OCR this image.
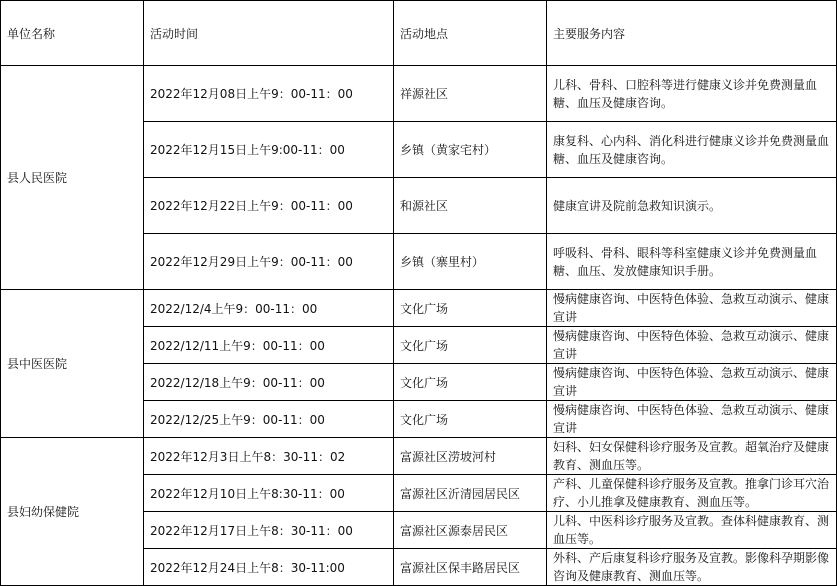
单位名称	活动时间	活动地点	主要服务内容
县人民医院	2022年12月08日上午9：00-11：00	祥源社区	儿科、骨科、口腔科等进行健康义诊并免费测量血糖、血压及健康咨询。
	2022年12月15日上午9:00-11：00	乡镇（黄家宅村）	康复科、心内科、消化科进行健康义诊并免费测量血糖、血压及健康咨询。
	2022年12月22日上午9：00-11：00	和源社区	健康宣讲及院前急救知识演示。
	2022年12月29日上午9：00-11：00	乡镇（寨里村）	呼吸科、骨科、眼科等科室健康义诊并免费测量血糖、血压、发放健康知识手册。
县中医医院	2022/12/4上午9：00-11：00	文化广场	慢病健康咨询、中医特色体验、急救互动演示、健康宣讲
	2022/12/11上午9：00-11：00	文化广场	慢病健康咨询、中医特色体验、急救互动演示、健康宣讲
	2022/12/18上午9：00-11：00	文化广场	慢病健康咨询、中医特色体验、急救互动演示、健康宣讲
	2022/12/25上午9：00-11：00	文化广场	慢病健康咨询、中医特色体验、急救互动演示、健康宣讲
县妇幼保健院	2022年12月3日上午8：30-11：02	富源社区涝坡河村	妇科、妇女保健科诊疗服务及宣教。超氧治疗及健康教育、测血压等。
	2022年12月10日上午8:30-11：00	富源社区沂清园居民区	产科、儿童保健科诊疗服务及宣教。推拿门诊耳穴治疗、小儿推拿及健康教育、测血压等。
	2022年12月17日上午8：30-11：00	富源社区源泰居民区	儿科、中医科诊疗服务及宣教。查体科健康教育、测血压等。
	2022年12月24日上午8：30-11:00	富源社区保丰路居民区	外科、产后康复科诊疗服务及宣教。影像科孕期影像咨询及健康教育、测血压等。
